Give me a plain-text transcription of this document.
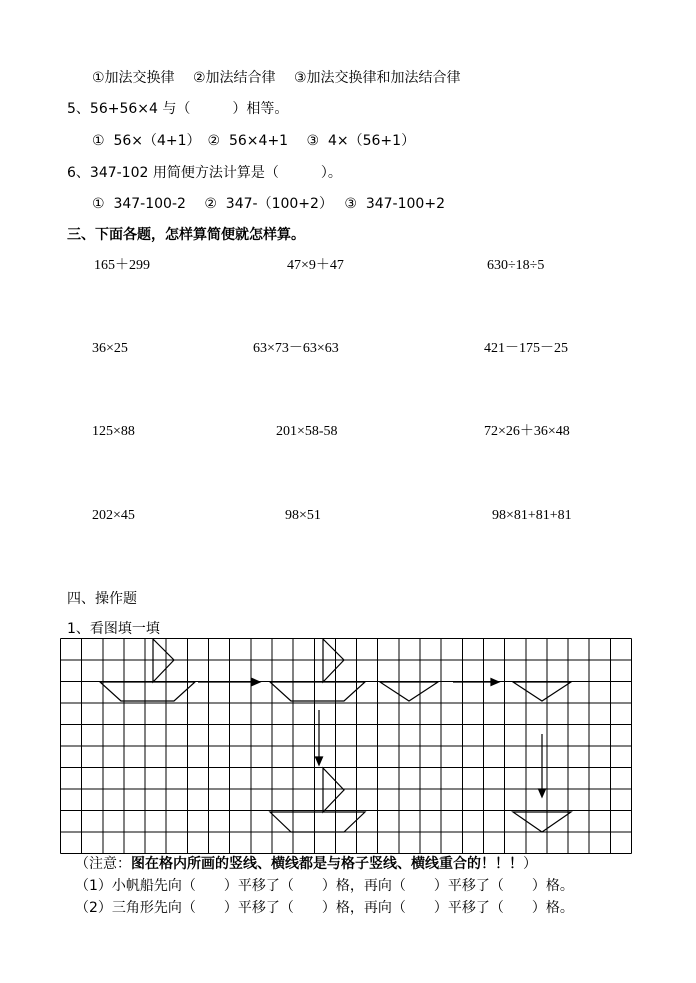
①加法交换律　 ②加法结合律　 ③加法交换律和加法结合律
5、56+56×4 与（　　　）相等。
①  56×（4+1）　②  56×4+1　 ③  4×（56+1）
6、347-102 用简便方法计算是（　　　）。
①  347-100-2　 ②  347-（100+2）　 ③  347-100+2
三、下面各题，怎样算简便就怎样算。
165＋299	47×9＋47	630÷18÷5
36×25	63×73－63×63	421－175－25
125×88	201×58-58	72×26＋36×48
202×45	98×51	98×81+81+81
四、操作题
1、看图填一填
（注意：图在格内所画的竖线、横线都是与格子竖线、横线重合的！！！）
（1）小帆船先向（　　）平移了（　　）格，再向（　　）平移了（　　）格。
（2）三角形先向（　　）平移了（　　）格，再向（　　）平移了（　　）格。
